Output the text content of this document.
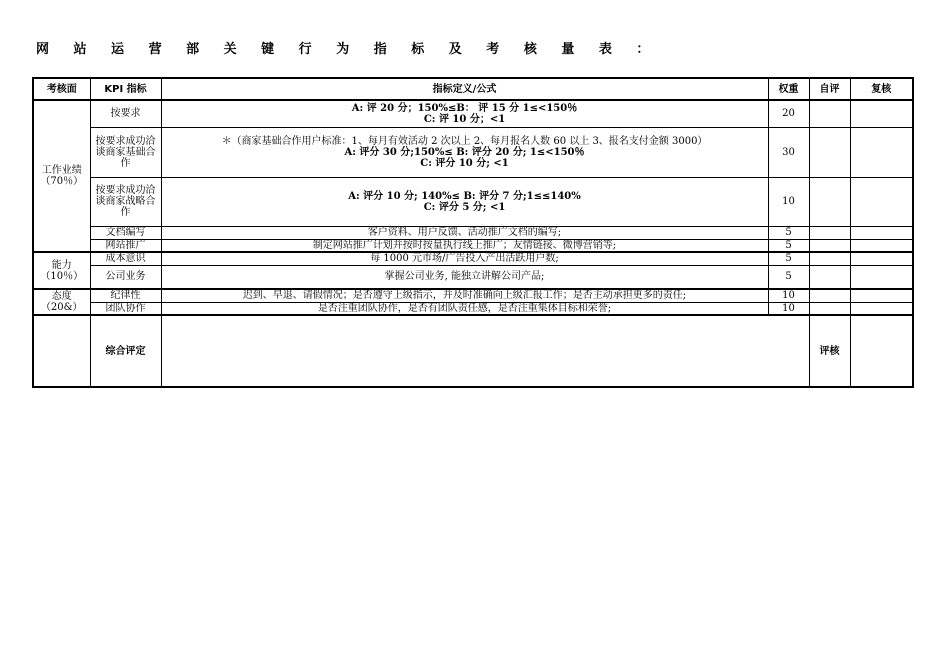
网 站 运 营 部 关 键 行 为 指 标 及 考 核 量 表 ：
考核面	KPI 指标	指标定义/公式	权重	自评	复核
工作业绩（70％）	按要求	A: 评 20 分；150%≤B： 评 15 分 1≤<150％
C: 评 10 分；<1	20		
	按要求成功洽谈商家基础合作	＊（商家基础合作用户标准：1、每月有效活动 2 次以上 2、每月报名人数 60 以上 3、报名支付金额 3000）
A: 评分 30 分;150%≤ B: 评分 20 分; 1≤<150％
C: 评分 10 分; <1	30		
	按要求成功洽谈商家战略合作	A: 评分 10 分; 140%≤ B: 评分 7 分;1≤≤140%
C: 评分 5 分; <1	10		
	文档编写	客户资料、用户反馈、活动推广文档的编写;	5		
	网站推广	制定网站推广计划并按时按量执行线上推广；友情链接、微博营销等;	5		
能力（10％）	成本意识	每 1000 元市场/广告投入产出活跃用户数;	5		
	公司业务	掌握公司业务, 能独立讲解公司产品;	5		
态度（20&）	纪律性	迟到、早退、请假情况；是否遵守上级指示，并及时准确向上级汇报工作；是否主动承担更多的责任;	10		
	团队协作	是否注重团队协作，是否有团队责任感，是否注重集体目标和荣誉;	10		
	综合评定			评核	
